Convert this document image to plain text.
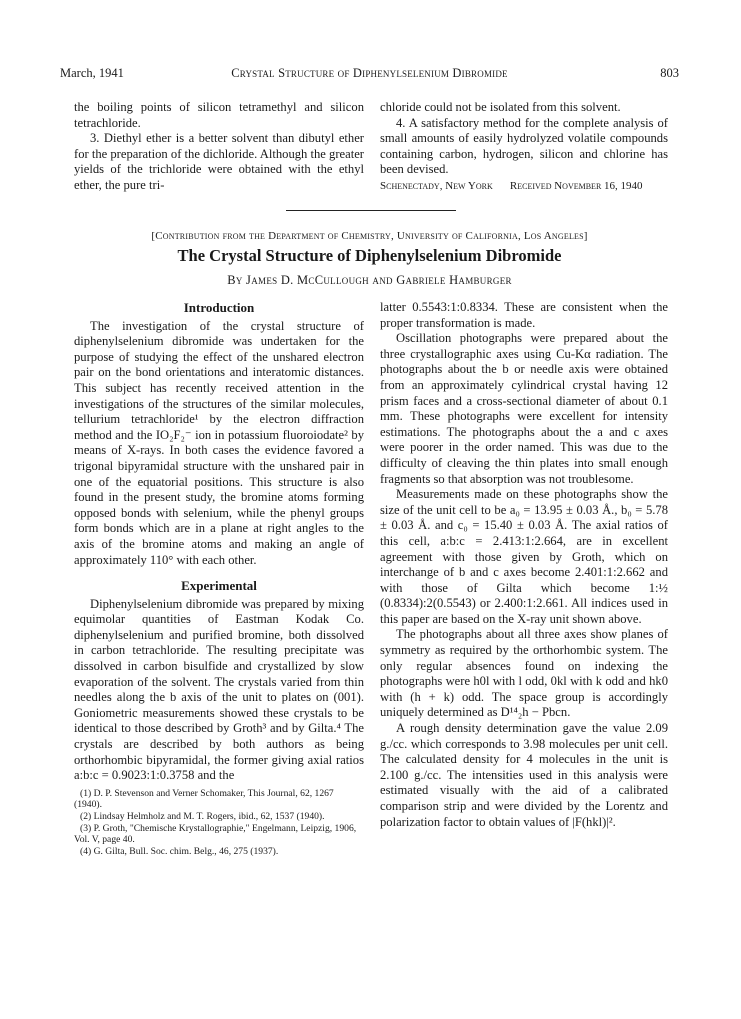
March, 1941	Crystal Structure of Diphenylselenium Dibromide	803

the boiling points of silicon tetramethyl and silicon tetrachloride.

3. Diethyl ether is a better solvent than dibutyl ether for the preparation of the dichloride. Although the greater yields of the trichloride were obtained with the ethyl ether, the pure tri-

chloride could not be isolated from this solvent.

4. A satisfactory method for the complete analysis of small amounts of easily hydrolyzed volatile compounds containing carbon, hydrogen, silicon and chlorine has been devised.

Schenectady, New York Received November 16, 1940

[Contribution from the Department of Chemistry, University of California, Los Angeles]
The Crystal Structure of Diphenylselenium Dibromide
By James D. McCullough and Gabriele Hamburger
Introduction

The investigation of the crystal structure of diphenylselenium dibromide was undertaken for the purpose of studying the effect of the unshared electron pair on the bond orientations and interatomic distances. This subject has recently received attention in the investigations of the structures of the similar molecules, tellurium tetrachloride¹ by the electron diffraction method and the IO₂F₂⁻ ion in potassium fluoroiodate² by means of X-rays. In both cases the evidence favored a trigonal bipyramidal structure with the unshared pair in one of the equatorial positions. This structure is also found in the present study, the bromine atoms forming opposed bonds with selenium, while the phenyl groups form bonds which are in a plane at right angles to the axis of the bromine atoms and making an angle of approximately 110° with each other.

Experimental

Diphenylselenium dibromide was prepared by mixing equimolar quantities of Eastman Kodak Co. diphenylselenium and purified bromine, both dissolved in carbon tetrachloride. The resulting precipitate was dissolved in carbon bisulfide and crystallized by slow evaporation of the solvent. The crystals varied from thin needles along the b axis of the unit to plates on (001). Goniometric measurements showed these crystals to be identical to those described by Groth³ and by Gilta.⁴ The crystals are described by both authors as being orthorhombic bipyramidal, the former giving axial ratios a:b:c = 0.9023:1:0.3758 and the

(1) D. P. Stevenson and Verner Schomaker, This Journal, 62, 1267 (1940).
(2) Lindsay Helmholz and M. T. Rogers, ibid., 62, 1537 (1940).
(3) P. Groth, "Chemische Krystallographie," Engelmann, Leipzig, 1906, Vol. V, page 40.
(4) G. Gilta, Bull. Soc. chim. Belg., 46, 275 (1937).

latter 0.5543:1:0.8334. These are consistent when the proper transformation is made.

Oscillation photographs were prepared about the three crystallographic axes using Cu-Kα radiation. The photographs about the b or needle axis were obtained from an approximately cylindrical crystal having 12 prism faces and a cross-sectional diameter of about 0.1 mm. These photographs were excellent for intensity estimations. The photographs about the a and c axes were poorer in the order named. This was due to the difficulty of cleaving the thin plates into small enough fragments so that absorption was not troublesome.

Measurements made on these photographs show the size of the unit cell to be a₀ = 13.95 ± 0.03 Å., b₀ = 5.78 ± 0.03 Å. and c₀ = 15.40 ± 0.03 Å. The axial ratios of this cell, a:b:c = 2.413:1:2.664, are in excellent agreement with those given by Groth, which on interchange of b and c axes become 2.401:1:2.662 and with those of Gilta which become 1:½ (0.8334):2(0.5543) or 2.400:1:2.661. All indices used in this paper are based on the X-ray unit shown above.

The photographs about all three axes show planes of symmetry as required by the orthorhombic system. The only regular absences found on indexing the photographs were h0l with l odd, 0kl with k odd and hk0 with (h + k) odd. The space group is accordingly uniquely determined as D¹⁴₂h − Pbcn.

A rough density determination gave the value 2.09 g./cc. which corresponds to 3.98 molecules per unit cell. The calculated density for 4 molecules in the unit is 2.100 g./cc. The intensities used in this analysis were estimated visually with the aid of a calibrated comparison strip and were divided by the Lorentz and polarization factor to obtain values of |F(hkl)|².
